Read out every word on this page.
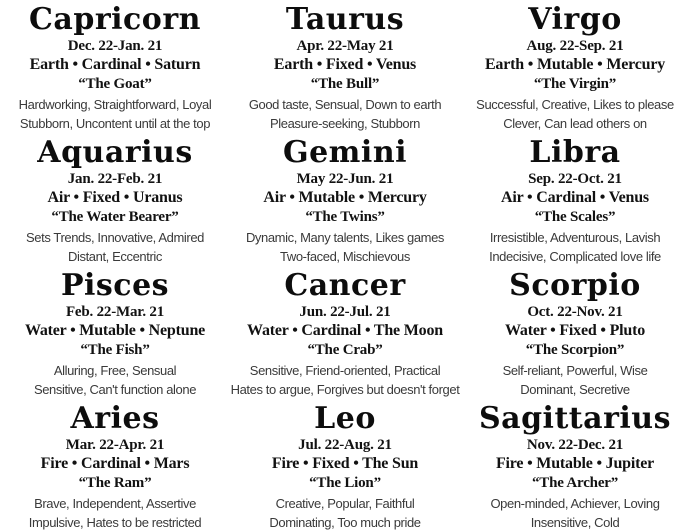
Capricorn
Dec. 22-Jan. 21
Earth • Cardinal • Saturn
“The Goat”
Hardworking, Straightforward, Loyal
Stubborn, Uncontent until at the top
Taurus
Apr. 22-May 21
Earth • Fixed • Venus
“The Bull”
Good taste, Sensual, Down to earth
Pleasure-seeking, Stubborn
Virgo
Aug. 22-Sep. 21
Earth • Mutable • Mercury
“The Virgin”
Successful, Creative, Likes to please
Clever, Can lead others on
Aquarius
Jan. 22-Feb. 21
Air • Fixed • Uranus
“The Water Bearer”
Sets Trends, Innovative, Admired
Distant, Eccentric
Gemini
May 22-Jun. 21
Air • Mutable • Mercury
“The Twins”
Dynamic, Many talents, Likes games
Two-faced, Mischievous
Libra
Sep. 22-Oct. 21
Air • Cardinal • Venus
“The Scales”
Irresistible, Adventurous, Lavish
Indecisive, Complicated love life
Pisces
Feb. 22-Mar. 21
Water • Mutable • Neptune
“The Fish”
Alluring, Free, Sensual
Sensitive, Can't function alone
Cancer
Jun. 22-Jul. 21
Water • Cardinal • The Moon
“The Crab”
Sensitive, Friend-oriented, Practical
Hates to argue, Forgives but doesn't forget
Scorpio
Oct. 22-Nov. 21
Water • Fixed • Pluto
“The Scorpion”
Self-reliant, Powerful, Wise
Dominant, Secretive
Aries
Mar. 22-Apr. 21
Fire • Cardinal • Mars
“The Ram”
Brave, Independent, Assertive
Impulsive, Hates to be restricted
Leo
Jul. 22-Aug. 21
Fire • Fixed • The Sun
“The Lion”
Creative, Popular, Faithful
Dominating, Too much pride
Sagittarius
Nov. 22-Dec. 21
Fire • Mutable • Jupiter
“The Archer”
Open-minded, Achiever, Loving
Insensitive, Cold
